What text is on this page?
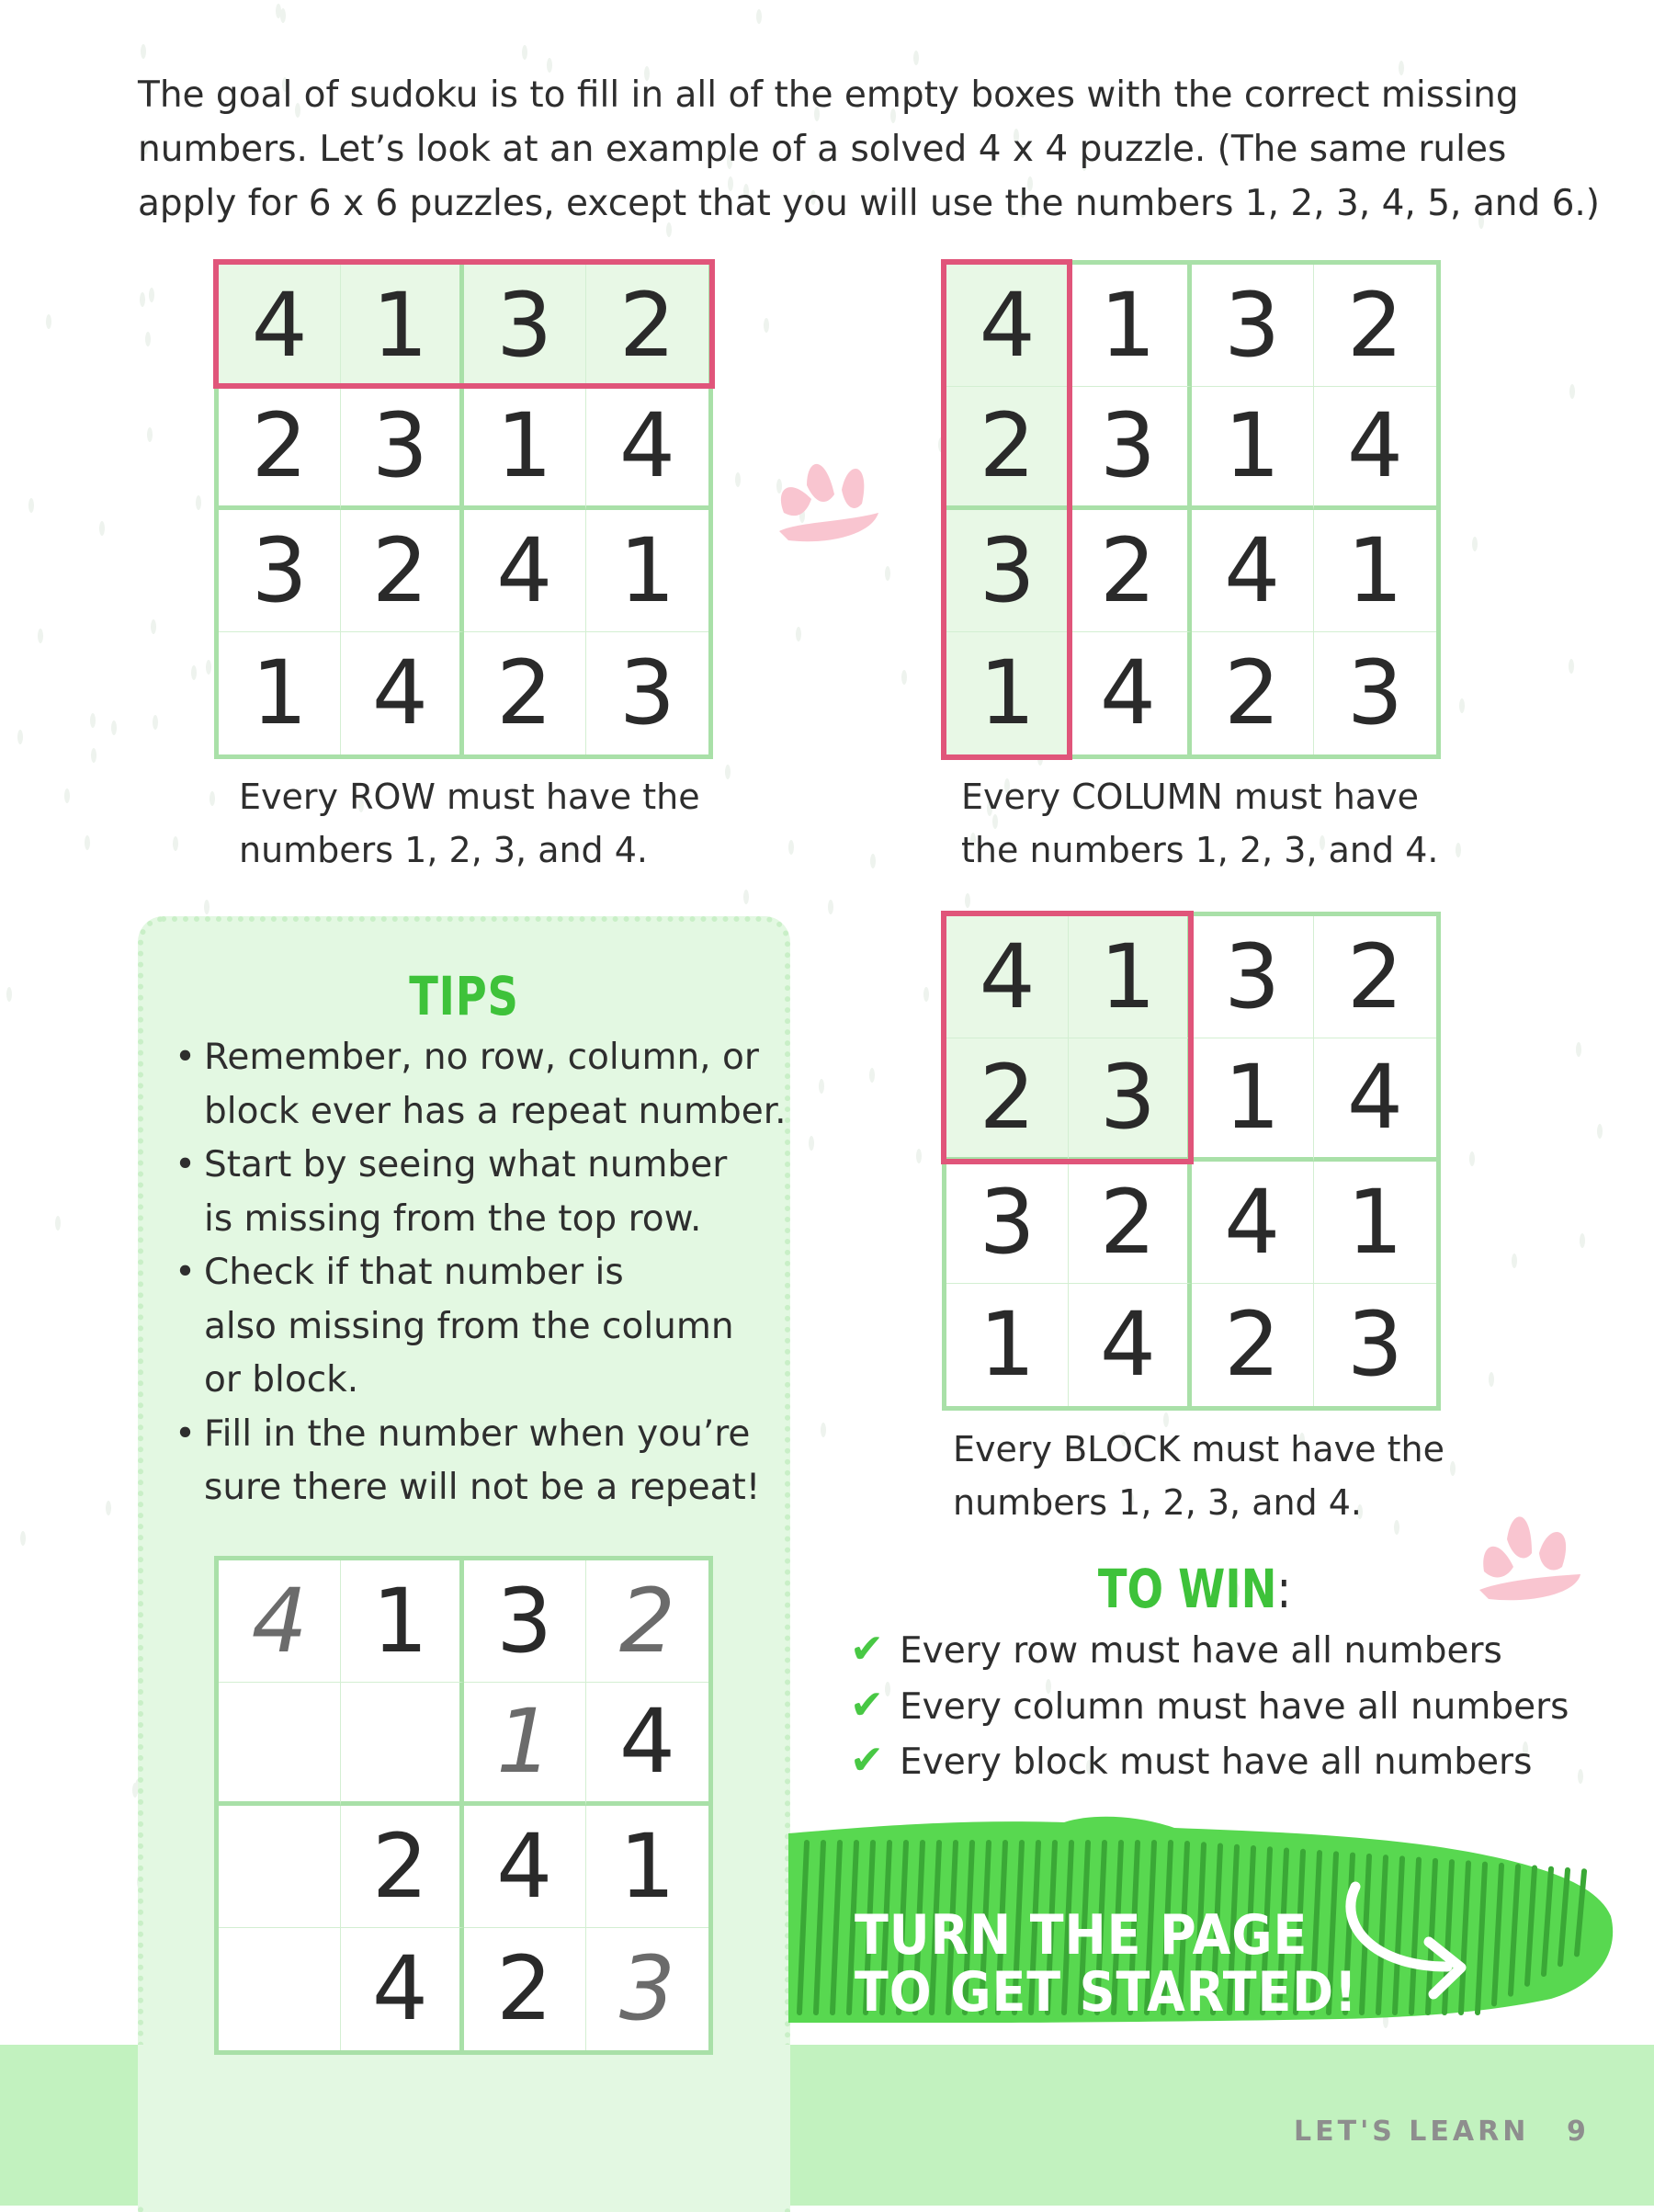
The goal of sudoku is to fill in all of the empty boxes with the correct missing
numbers. Let’s look at an example of a solved 4 x 4 puzzle. (The same rules
apply for 6 x 6 puzzles, except that you will use the numbers 1, 2, 3, 4, 5, and 6.)
4 1 3 2
2 3 1 4
3 2 4 1
1 4 2 3
Every ROW must have the
numbers 1, 2, 3, and 4.
4 1 3 2
2 3 1 4
3 2 4 1
1 4 2 3
Every COLUMN must have
the numbers 1, 2, 3, and 4.
TIPS
• Remember, no row, column, or
block ever has a repeat number.
• Start by seeing what number
is missing from the top row.
• Check if that number is
also missing from the column
or block.
• Fill in the number when you’re
sure there will not be a repeat!
4 1 3 2
1 4
2 4 1
4 2 3
4 1 3 2
2 3 1 4
3 2 4 1
1 4 2 3
Every BLOCK must have the
numbers 1, 2, 3, and 4.
TO WIN:
✔ Every row must have all numbers
✔ Every column must have all numbers
✔ Every block must have all numbers
TURN THE PAGE
TO GET STARTED!
LET'S LEARN 9
